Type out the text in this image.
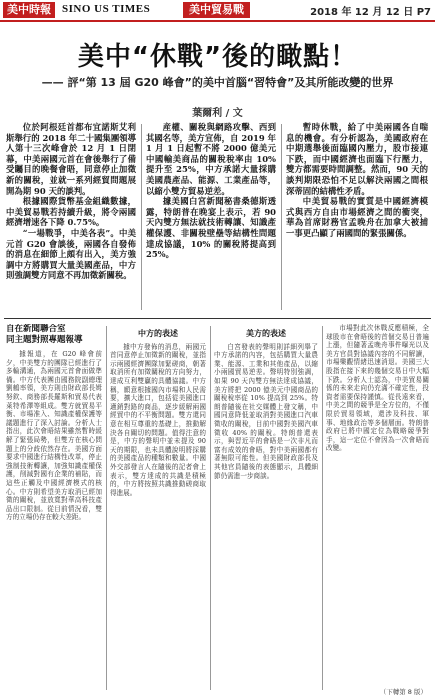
美中時報	SINO US TIMES	美中貿易戰	2018 年 12 月 12 日 P7
美中“休戰”後的瞰點！
—— 評“第 13 屆 G20 峰會”的美中首腦“習特會”及其所能改變的世界
葉爾利 / 文

位於阿根廷首都布宜諾斯艾利斯舉行的 2018 年二十國集團領導人第十三次峰會於 12 月 1 日閉幕，中美兩國元首在會後舉行了備受矚目的晚餐會晤，同意停止加徵新的關稅，並就一系列經貿問題展開為期 90 天的談判。

根據國際貨幣基金組織數據，中美貿易戰若持續升級，將令兩國經濟增速各下降 0.75%。

“一場戰爭，中美各表”。中美元首 G20 會談後，兩國各自發佈的消息在細節上頗有出入，美方強調中方將購買大量美國產品，中方則強調雙方同意不再加徵新關稅。

産權、關稅與網路攻擊、西到其國名等，美方宣佈，自 2019 年 1 月 1 日起暫不將 2000 億美元中國輸美商品的關稅稅率由 10% 提升至 25%，中方承諾大量採購美國農產品、能源、工業產品等，以縮小雙方貿易逆差。

據美國白宮新聞秘書桑德斯透露，特朗普在晚宴上表示，若 90 天內雙方無法就技術轉讓、知識產權保護、非關稅壁壘等結構性問題達成協議，10% 的關稅將提高到 25%。

暫時休戰，給了中美兩國各自喘息的機會。有分析認為，美國政府在中期選舉後面臨國內壓力，股市接連下跌，而中國經濟也面臨下行壓力，雙方都需要時間調整。然而，90 天的談判期限恐怕不足以解決兩國之間根深蒂固的結構性矛盾。

中美貿易戰的實質是中國經濟模式與西方自由市場經濟之間的衝突，華為首席財務官孟晚舟在加拿大被捕一事更凸顯了兩國間的緊張關係。

自在新聞聯合室
同主題對照專題報導

據報道，在 G20 峰會前夕，中美雙方的團隊已經進行了多輪溝通，為兩國元首會面做準備。中方代表團由國務院副總理劉鶴率領，美方則由財政部長姆努欽、商務部長羅斯和貿易代表萊特希澤等組成。雙方就貿易平衡、市場准入、知識產權保護等議題進行了深入討論。分析人士指出，此次會晤結果雖然暫時緩解了緊張局勢，但雙方在核心問題上的分歧依然存在。美國方面要求中國進行結構性改革，停止強制技術轉讓，加強知識產權保護，削減對國有企業的補貼，而這些正觸及中國經濟模式的核心。中方則希望美方取消已經加徵的關稅，並放寬對華高科技產品出口限制。從目前情況看，雙方的立場仍存在較大差距。

中方的表述

據中方發佈的消息，兩國元首同意停止加徵新的關稅，並指示兩國經濟團隊加緊磋商，朝著取消所有加徵關稅的方向努力，達成互利雙贏的具體協議。中方稱，願意根據國內市場和人民需要，擴大進口，包括從美國進口適銷對路的商品，逐步緩解兩國經貿中的不平衡問題。雙方還同意在相互尊重的基礎上，推動解決各自關切的問題。值得注意的是，中方的聲明中並未提及 90 天的期限，也未具體說明將採購的美國產品的種類和數量。中國外交部發言人在隨後的記者會上表示，雙方達成的共識是積極的，中方將按照共識推動磋商取得進展。

美方的表述

白宮發表的聲明則詳細列舉了中方承諾的內容，包括購買大量農業、能源、工業和其他產品，以縮小兩國貿易逆差。聲明特別強調，如果 90 天內雙方無法達成協議，美方將把 2000 億美元中國商品的關稅稅率從 10% 提高到 25%。特朗普隨後在社交媒體上發文稱，中國同意降低並取消對美國進口汽車徵收的關稅，目前中國對美國汽車徵收 40% 的關稅。特朗普還表示，與習近平的會晤是一次非凡而富有成效的會晤，對中美兩國都有著無限可能性。但美國財政部長及其他官員隨後的表態顯示，具體細節仍需進一步商談。

市場對此次休戰反應積極，全球股市在會晤後的首個交易日普遍上漲，但隨著孟晚舟事件曝光以及美方官員對協議內容的不同解讀，市場樂觀情緒迅速消退。美國三大股指在接下來的幾個交易日中大幅下跌。分析人士認為，中美貿易關係的未來走向仍充滿不確定性，投資者需要保持謹慎。從長遠來看，中美之間的競爭是全方位的，不僅限於貿易領域，還涉及科技、軍事、地緣政治等多個層面。特朗普政府已將中國定位為戰略競爭對手，這一定位不會因為一次會晤而改變。

（下轉第 8 版）
